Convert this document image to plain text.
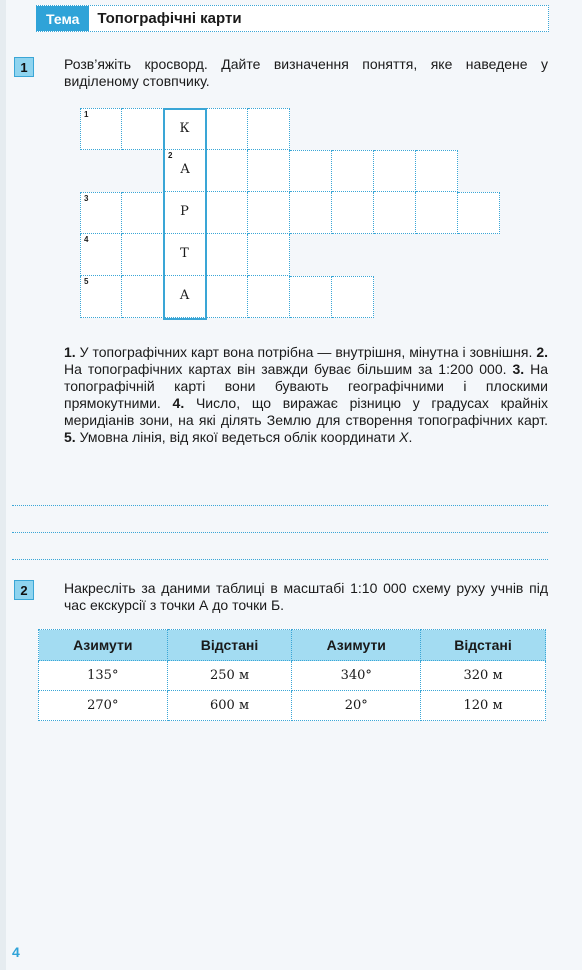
Тема	Топографічні карти
1	Розв’яжіть кросворд. Дайте визначення поняття, яке наведене у виділеному стовпчику.
1
К
2
А
3
Р
4
Т
5
А
1. У топографічних карт вона потрібна — внутрішня, мінутна і зовнішня. 2. На топографічних картах він завжди буває більшим за 1:200 000. 3. На топографічній карті вони бувають географічними і плоскими прямокутними. 4. Число, що виражає різницю у градусах крайніх меридіанів зони, на які ділять Землю для створення топографічних карт. 5. Умовна лінія, від якої ведеться облік координати X.
2	Накресліть за даними таблиці в масштабі 1:10 000 схему руху учнів під час екскурсії з точки А до точки Б.
Азимути	Відстані	Азимути	Відстані
135°	250 м	340°	320 м
270°	600 м	20°	120 м
4
